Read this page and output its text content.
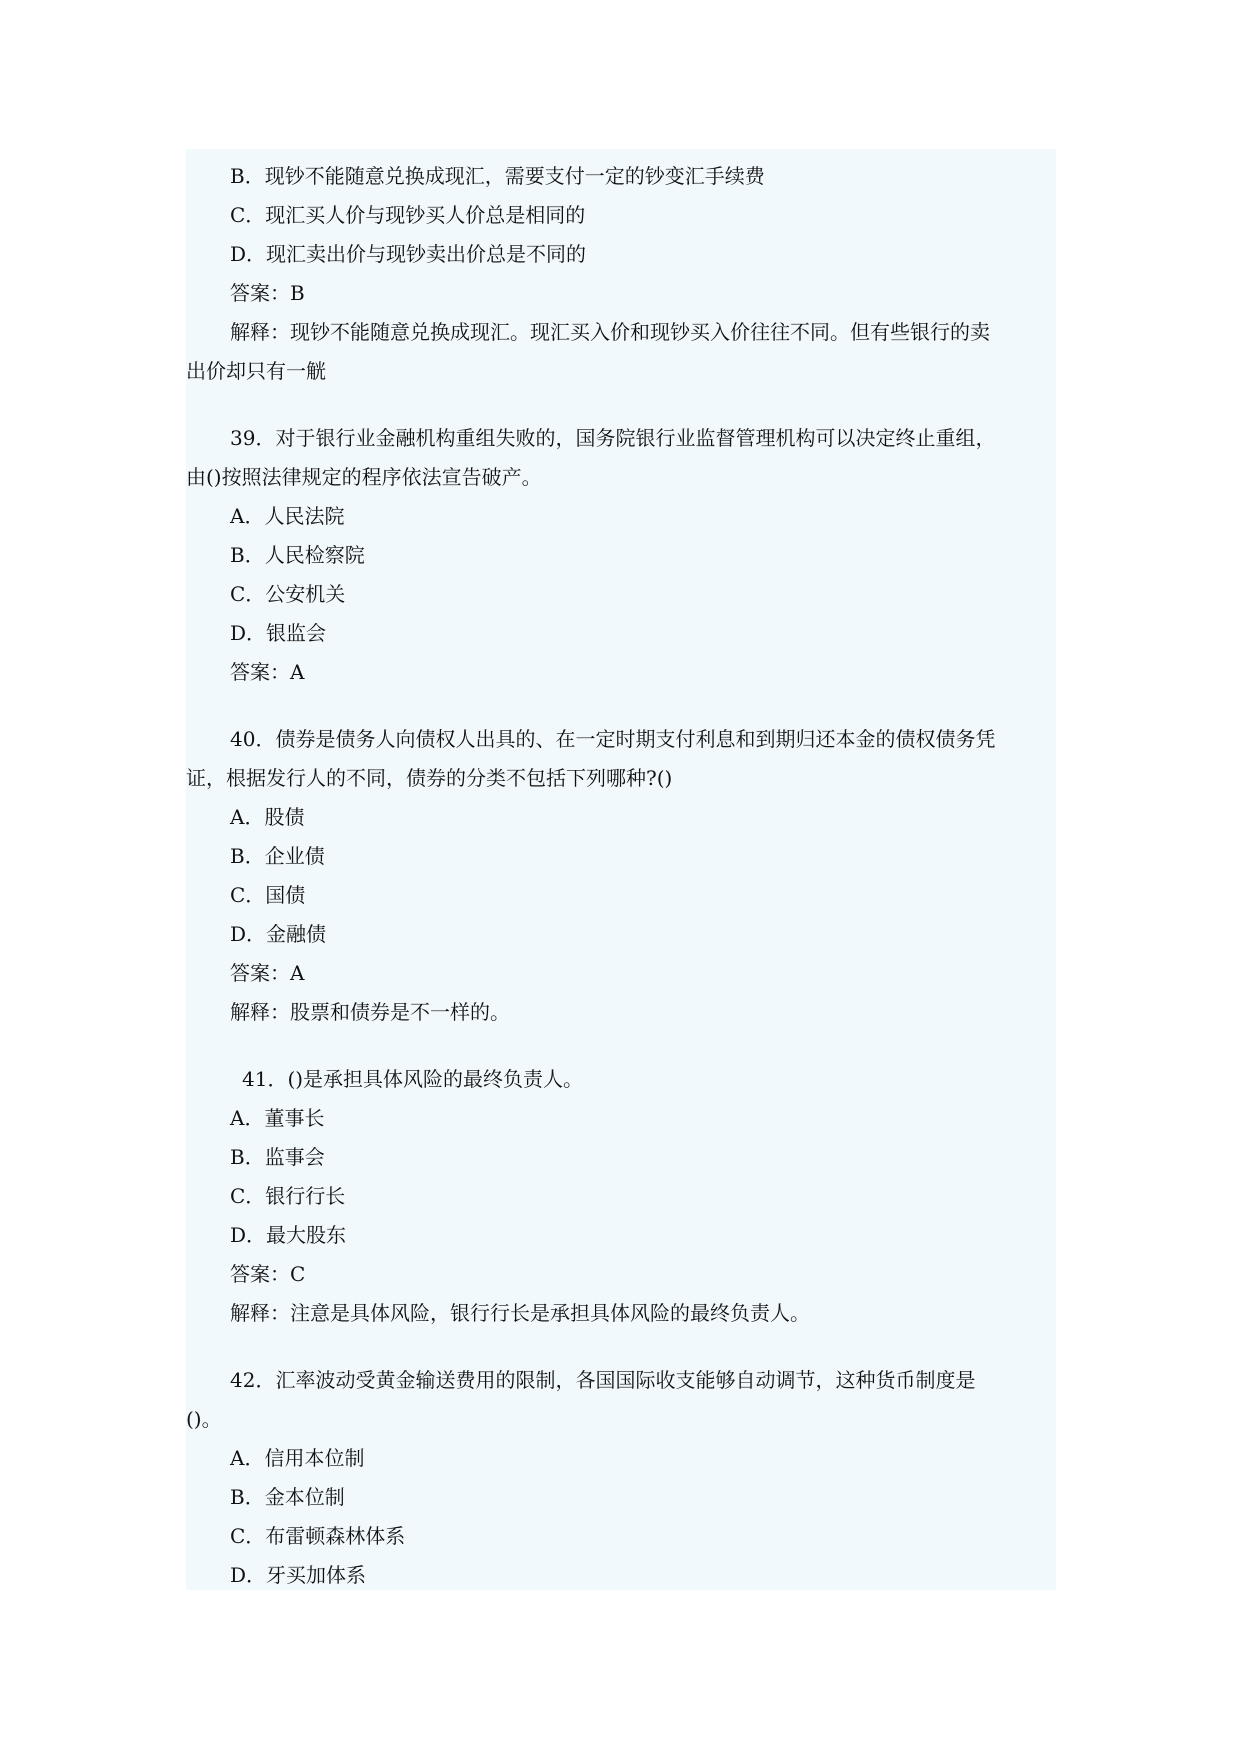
B．现钞不能随意兑换成现汇，需要支付一定的钞变汇手续费
C．现汇买人价与现钞买人价总是相同的
D．现汇卖出价与现钞卖出价总是不同的
答案：B
解释：现钞不能随意兑换成现汇。现汇买入价和现钞买入价往往不同。但有些银行的卖
出价却只有一觥
39．对于银行业金融机构重组失败的，国务院银行业监督管理机构可以决定终止重组，
由()按照法律规定的程序依法宣告破产。
A．人民法院
B．人民检察院
C．公安机关
D．银监会
答案：A
40．债券是债务人向债权人出具的、在一定时期支付利息和到期归还本金的债权债务凭
证，根据发行人的不同，债券的分类不包括下列哪种?()
A．股债
B．企业债
C．国债
D．金融债
答案：A
解释：股票和债券是不一样的。
41．()是承担具体风险的最终负责人。
A．董事长
B．监事会
C．银行行长
D．最大股东
答案：C
解释：注意是具体风险，银行行长是承担具体风险的最终负责人。
42．汇率波动受黄金输送费用的限制，各国国际收支能够自动调节，这种货币制度是
()。
A．信用本位制
B．金本位制
C．布雷顿森林体系
D．牙买加体系
